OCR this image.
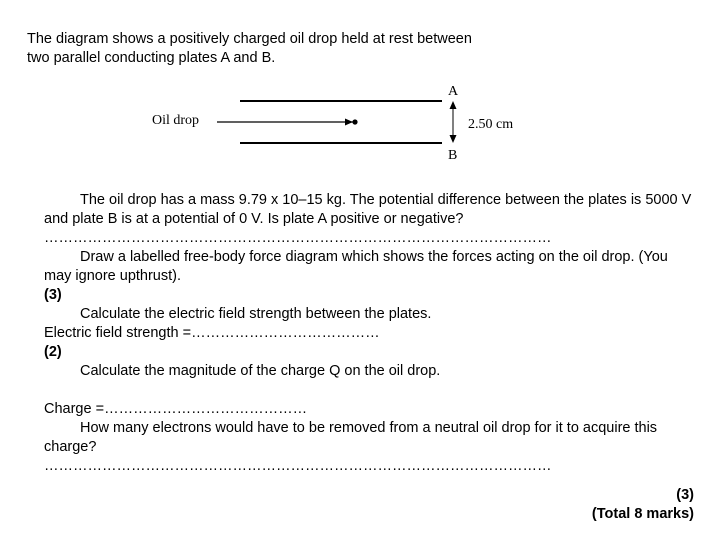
The diagram shows a positively charged oil drop held at rest between two parallel conducting plates A and B.
Oil drop
A
B
2.50 cm

The oil drop has a mass 9.79 x 10–15 kg. The potential difference between the plates is 5000 V and plate B is at a potential of 0 V. Is plate A positive or negative?

……………………………………………………………………………………………

Draw a labelled free-body force diagram which shows the forces acting on the oil drop. (You may ignore upthrust).

(3)

Calculate the electric field strength between the plates.

Electric field strength =…………………………………

(2)

Calculate the magnitude of the charge Q on the oil drop.

Charge =……………………………………

How many electrons would have to be removed from a neutral oil drop for it to acquire this charge?

……………………………………………………………………………………………

(3)

(Total 8 marks)
